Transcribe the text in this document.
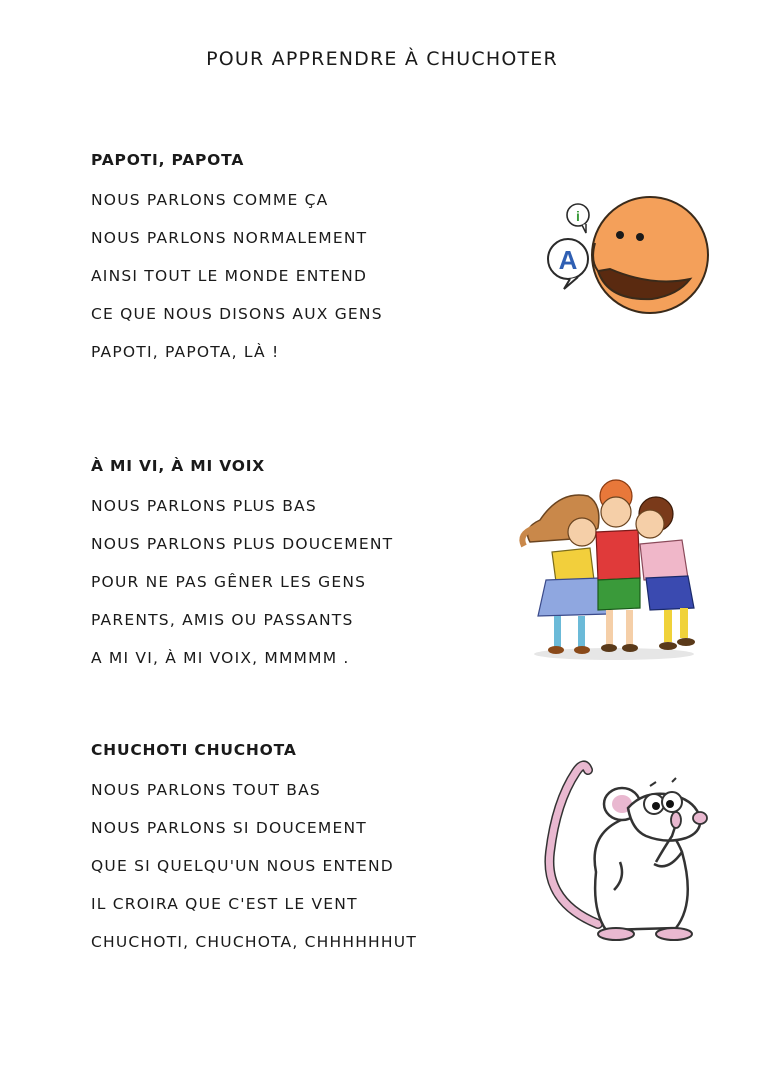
POUR APPRENDRE À CHUCHOTER
PAPOTI, PAPOTA
NOUS PARLONS COMME ÇA
NOUS PARLONS NORMALEMENT
AINSI TOUT LE MONDE ENTEND
CE QUE NOUS DISONS AUX GENS
PAPOTI, PAPOTA, LÀ !
À MI VI, À MI VOIX
NOUS PARLONS PLUS BAS
NOUS PARLONS PLUS DOUCEMENT
POUR NE PAS GÊNER LES GENS
PARENTS, AMIS OU PASSANTS
A MI VI, À MI VOIX, MMMMM .
CHUCHOTI CHUCHOTA
NOUS PARLONS TOUT BAS
NOUS PARLONS SI DOUCEMENT
QUE SI QUELQU'UN NOUS ENTEND
IL CROIRA QUE C'EST LE VENT
CHUCHOTI, CHUCHOTA, CHHHHHHUT
A
i
